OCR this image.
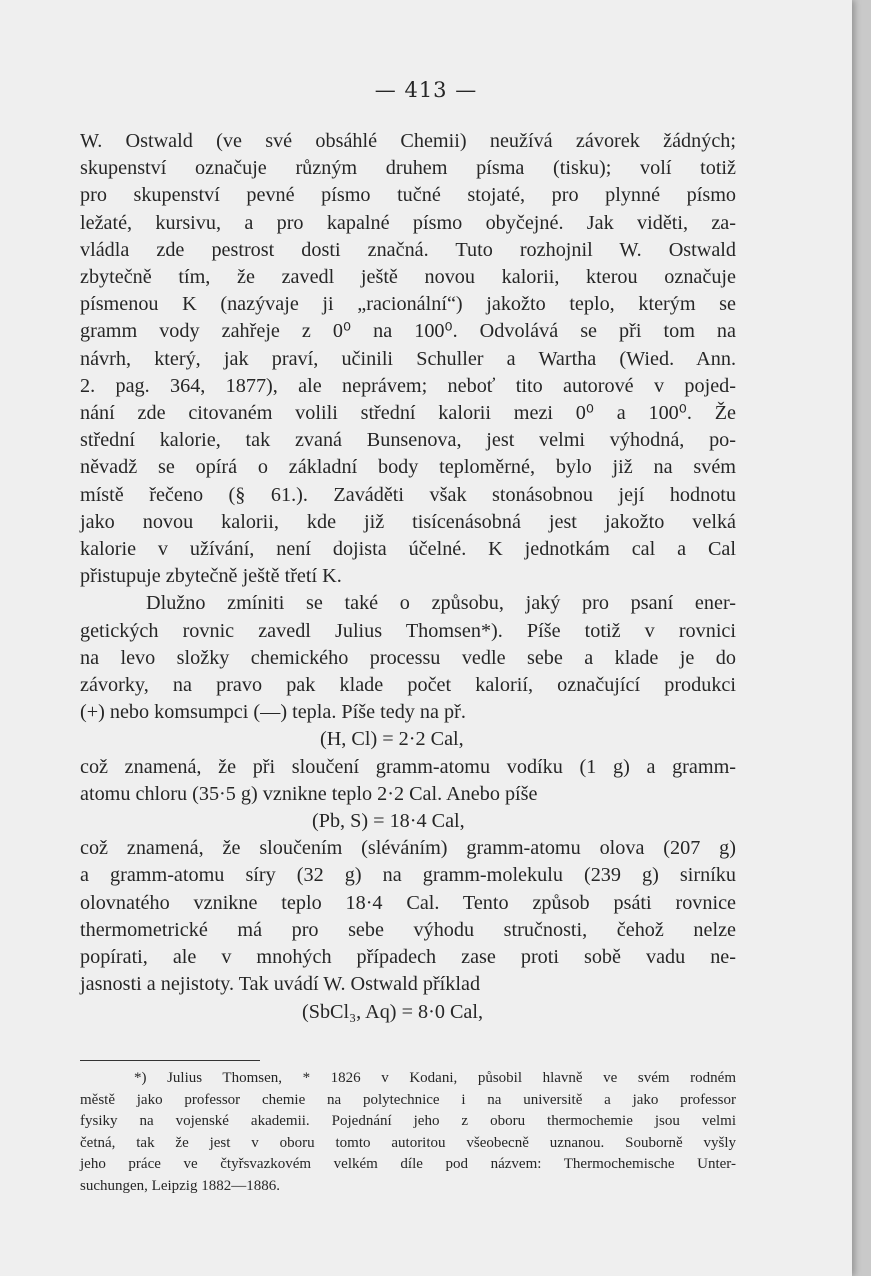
— 413 —
W. Ostwald (ve své obsáhlé Chemii) neužívá závorek žádných;
skupenství označuje různým druhem písma (tisku); volí totiž
pro skupenství pevné písmo tučné stojaté, pro plynné písmo
ležaté, kursivu, a pro kapalné písmo obyčejné. Jak viděti, za-
vládla zde pestrost dosti značná. Tuto rozhojnil W. Ostwald
zbytečně tím, že zavedl ještě novou kalorii, kterou označuje
písmenou K (nazývaje ji „racionální“) jakožto teplo, kterým se
gramm vody zahřeje z 0⁰ na 100⁰. Odvolává se při tom na
návrh, který, jak praví, učinili Schuller a Wartha (Wied. Ann.
2. pag. 364, 1877), ale neprávem; neboť tito autorové v pojed-
nání zde citovaném volili střední kalorii mezi 0⁰ a 100⁰. Že
střední kalorie, tak zvaná Bunsenova, jest velmi výhodná, po-
něvadž se opírá o základní body teploměrné, bylo již na svém
místě řečeno (§ 61.). Zaváděti však stonásobnou její hodnotu
jako novou kalorii, kde již tisícenásobná jest jakožto velká
kalorie v užívání, není dojista účelné. K jednotkám cal a Cal
přistupuje zbytečně ještě třetí K.
Dlužno zmíniti se také o způsobu, jaký pro psaní ener-
getických rovnic zavedl Julius Thomsen*). Píše totiž v rovnici
na levo složky chemického processu vedle sebe a klade je do
závorky, na pravo pak klade počet kalorií, označující produkci
(+) nebo komsumpci (—) tepla. Píše tedy na př.
(H, Cl) = 2·2 Cal,
což znamená, že při sloučení gramm-atomu vodíku (1 g) a gramm-
atomu chloru (35·5 g) vznikne teplo 2·2 Cal. Anebo píše
(Pb, S) = 18·4 Cal,
což znamená, že sloučením (sléváním) gramm-atomu olova (207 g)
a gramm-atomu síry (32 g) na gramm-molekulu (239 g) sirníku
olovnatého vznikne teplo 18·4 Cal. Tento způsob psáti rovnice
thermometrické má pro sebe výhodu stručnosti, čehož nelze
popírati, ale v mnohých případech zase proti sobě vadu ne-
jasnosti a nejistoty. Tak uvádí W. Ostwald příklad
(SbCl₃, Aq) = 8·0 Cal,
*) Julius Thomsen, * 1826 v Kodani, působil hlavně ve svém rodném
městě jako professor chemie na polytechnice i na universitě a jako professor
fysiky na vojenské akademii. Pojednání jeho z oboru thermochemie jsou velmi
četná, tak že jest v oboru tomto autoritou všeobecně uznanou. Souborně vyšly
jeho práce ve čtyřsvazkovém velkém díle pod názvem: Thermochemische Unter-
suchungen, Leipzig 1882—1886.
